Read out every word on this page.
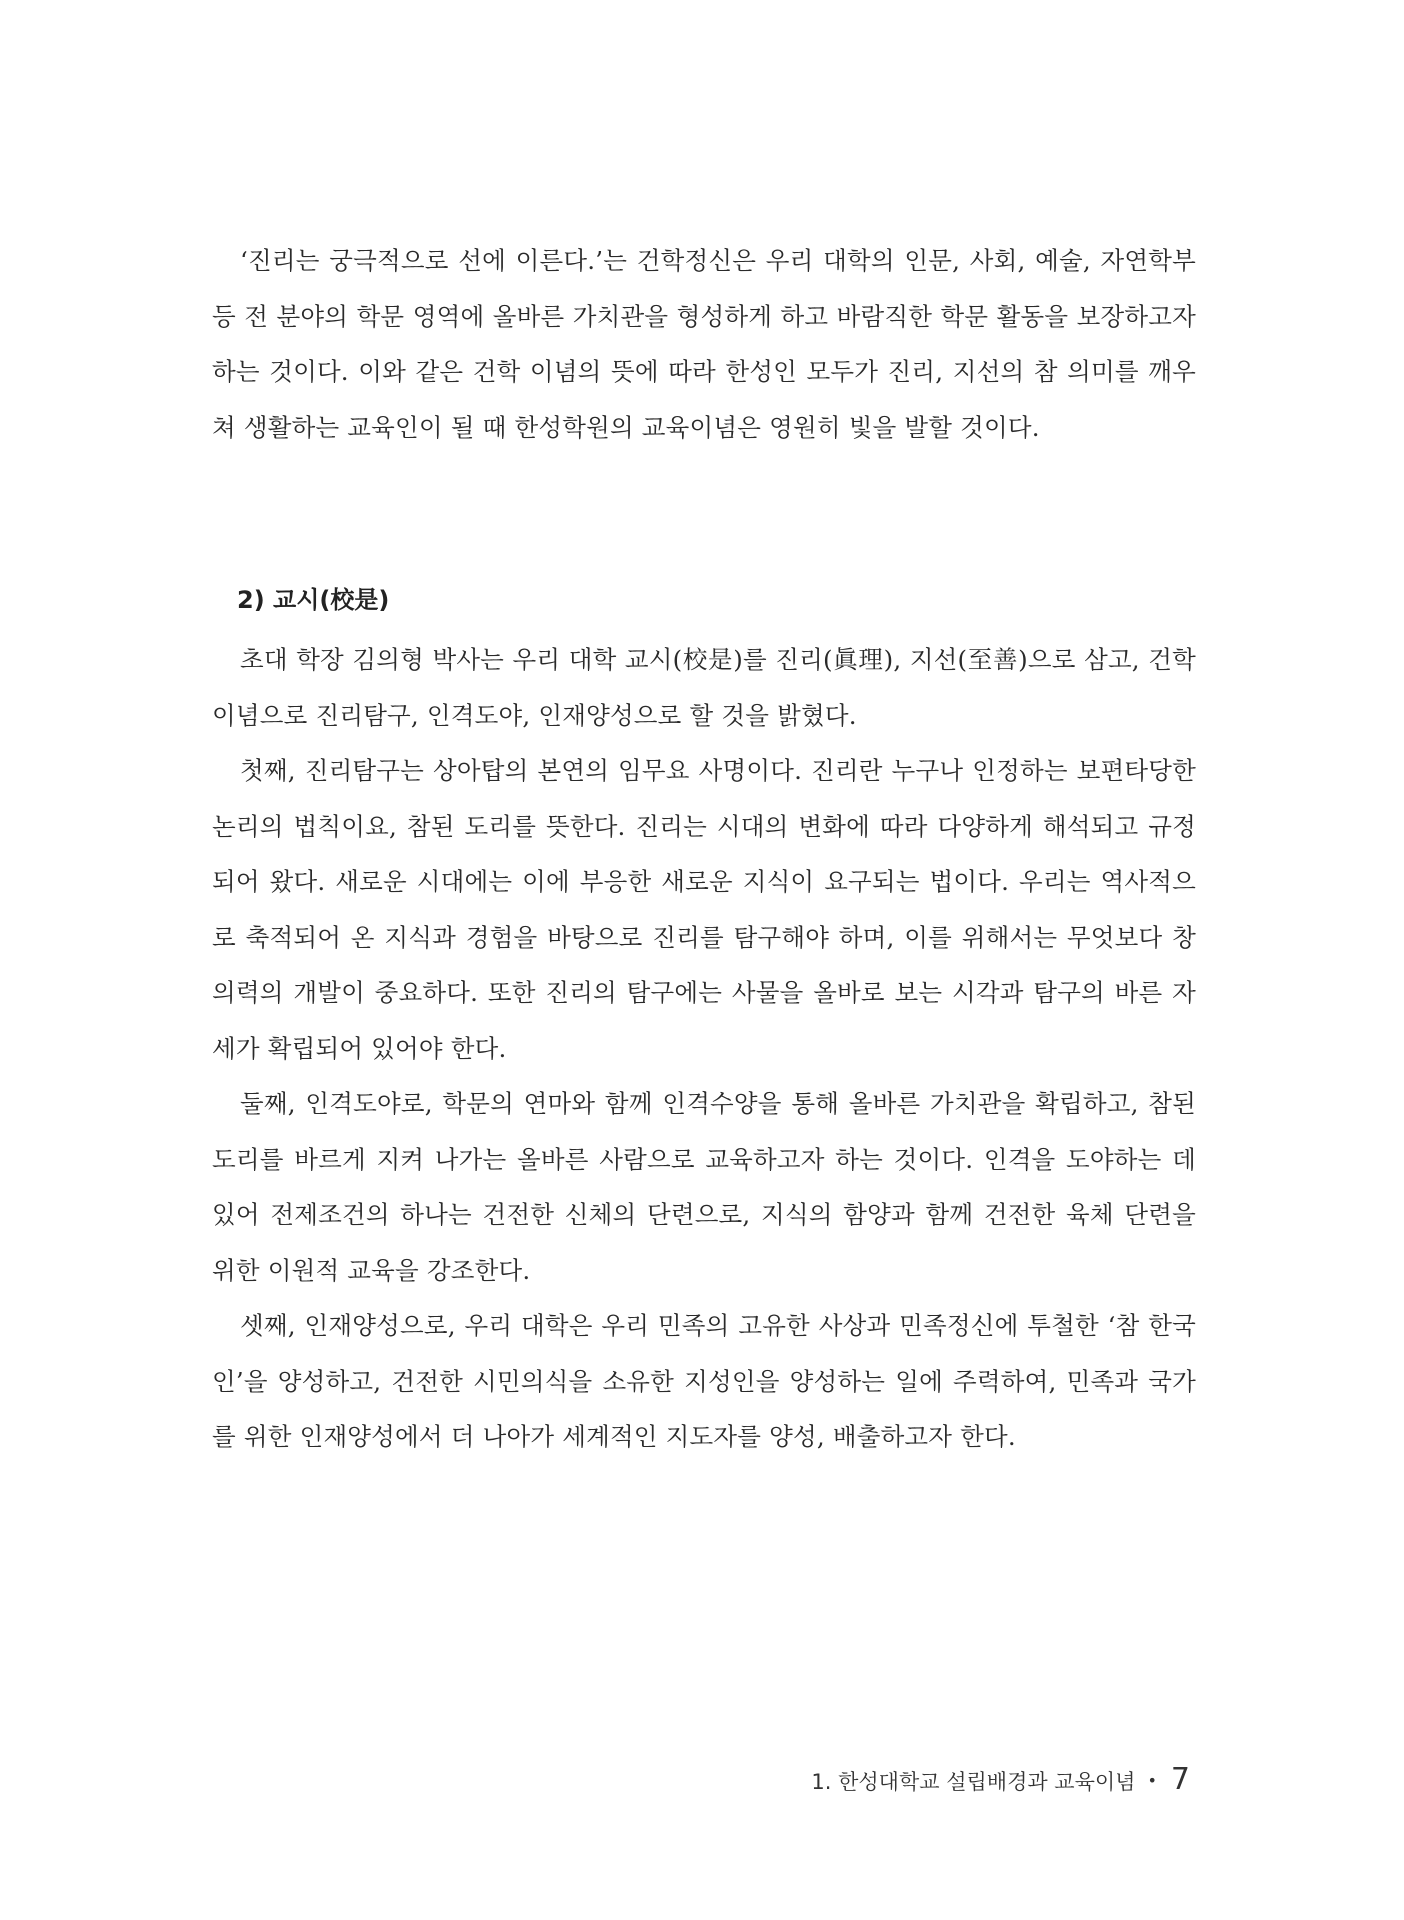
‘진리는 궁극적으로 선에 이른다.’는 건학정신은 우리 대학의 인문, 사회, 예술, 자연학부 등 전 분야의 학문 영역에 올바른 가치관을 형성하게 하고 바람직한 학문 활동을 보장하고자 하는 것이다. 이와 같은 건학 이념의 뜻에 따라 한성인 모두가 진리, 지선의 참 의미를 깨우쳐 생활하는 교육인이 될 때 한성학원의 교육이념은 영원히 빛을 발할 것이다.

2) 교시(校是)

초대 학장 김의형 박사는 우리 대학 교시(校是)를 진리(眞理), 지선(至善)으로 삼고, 건학이념으로 진리탐구, 인격도야, 인재양성으로 할 것을 밝혔다.

첫째, 진리탐구는 상아탑의 본연의 임무요 사명이다. 진리란 누구나 인정하는 보편타당한 논리의 법칙이요, 참된 도리를 뜻한다. 진리는 시대의 변화에 따라 다양하게 해석되고 규정되어 왔다. 새로운 시대에는 이에 부응한 새로운 지식이 요구되는 법이다. 우리는 역사적으로 축적되어 온 지식과 경험을 바탕으로 진리를 탐구해야 하며, 이를 위해서는 무엇보다 창의력의 개발이 중요하다. 또한 진리의 탐구에는 사물을 올바로 보는 시각과 탐구의 바른 자세가 확립되어 있어야 한다.

둘째, 인격도야로, 학문의 연마와 함께 인격수양을 통해 올바른 가치관을 확립하고, 참된 도리를 바르게 지켜 나가는 올바른 사람으로 교육하고자 하는 것이다. 인격을 도야하는 데 있어 전제조건의 하나는 건전한 신체의 단련으로, 지식의 함양과 함께 건전한 육체 단련을 위한 이원적 교육을 강조한다.

셋째, 인재양성으로, 우리 대학은 우리 민족의 고유한 사상과 민족정신에 투철한 ‘참 한국인’을 양성하고, 건전한 시민의식을 소유한 지성인을 양성하는 일에 주력하여, 민족과 국가를 위한 인재양성에서 더 나아가 세계적인 지도자를 양성, 배출하고자 한다.

1. 한성대학교 설립배경과 교육이념 • 7
